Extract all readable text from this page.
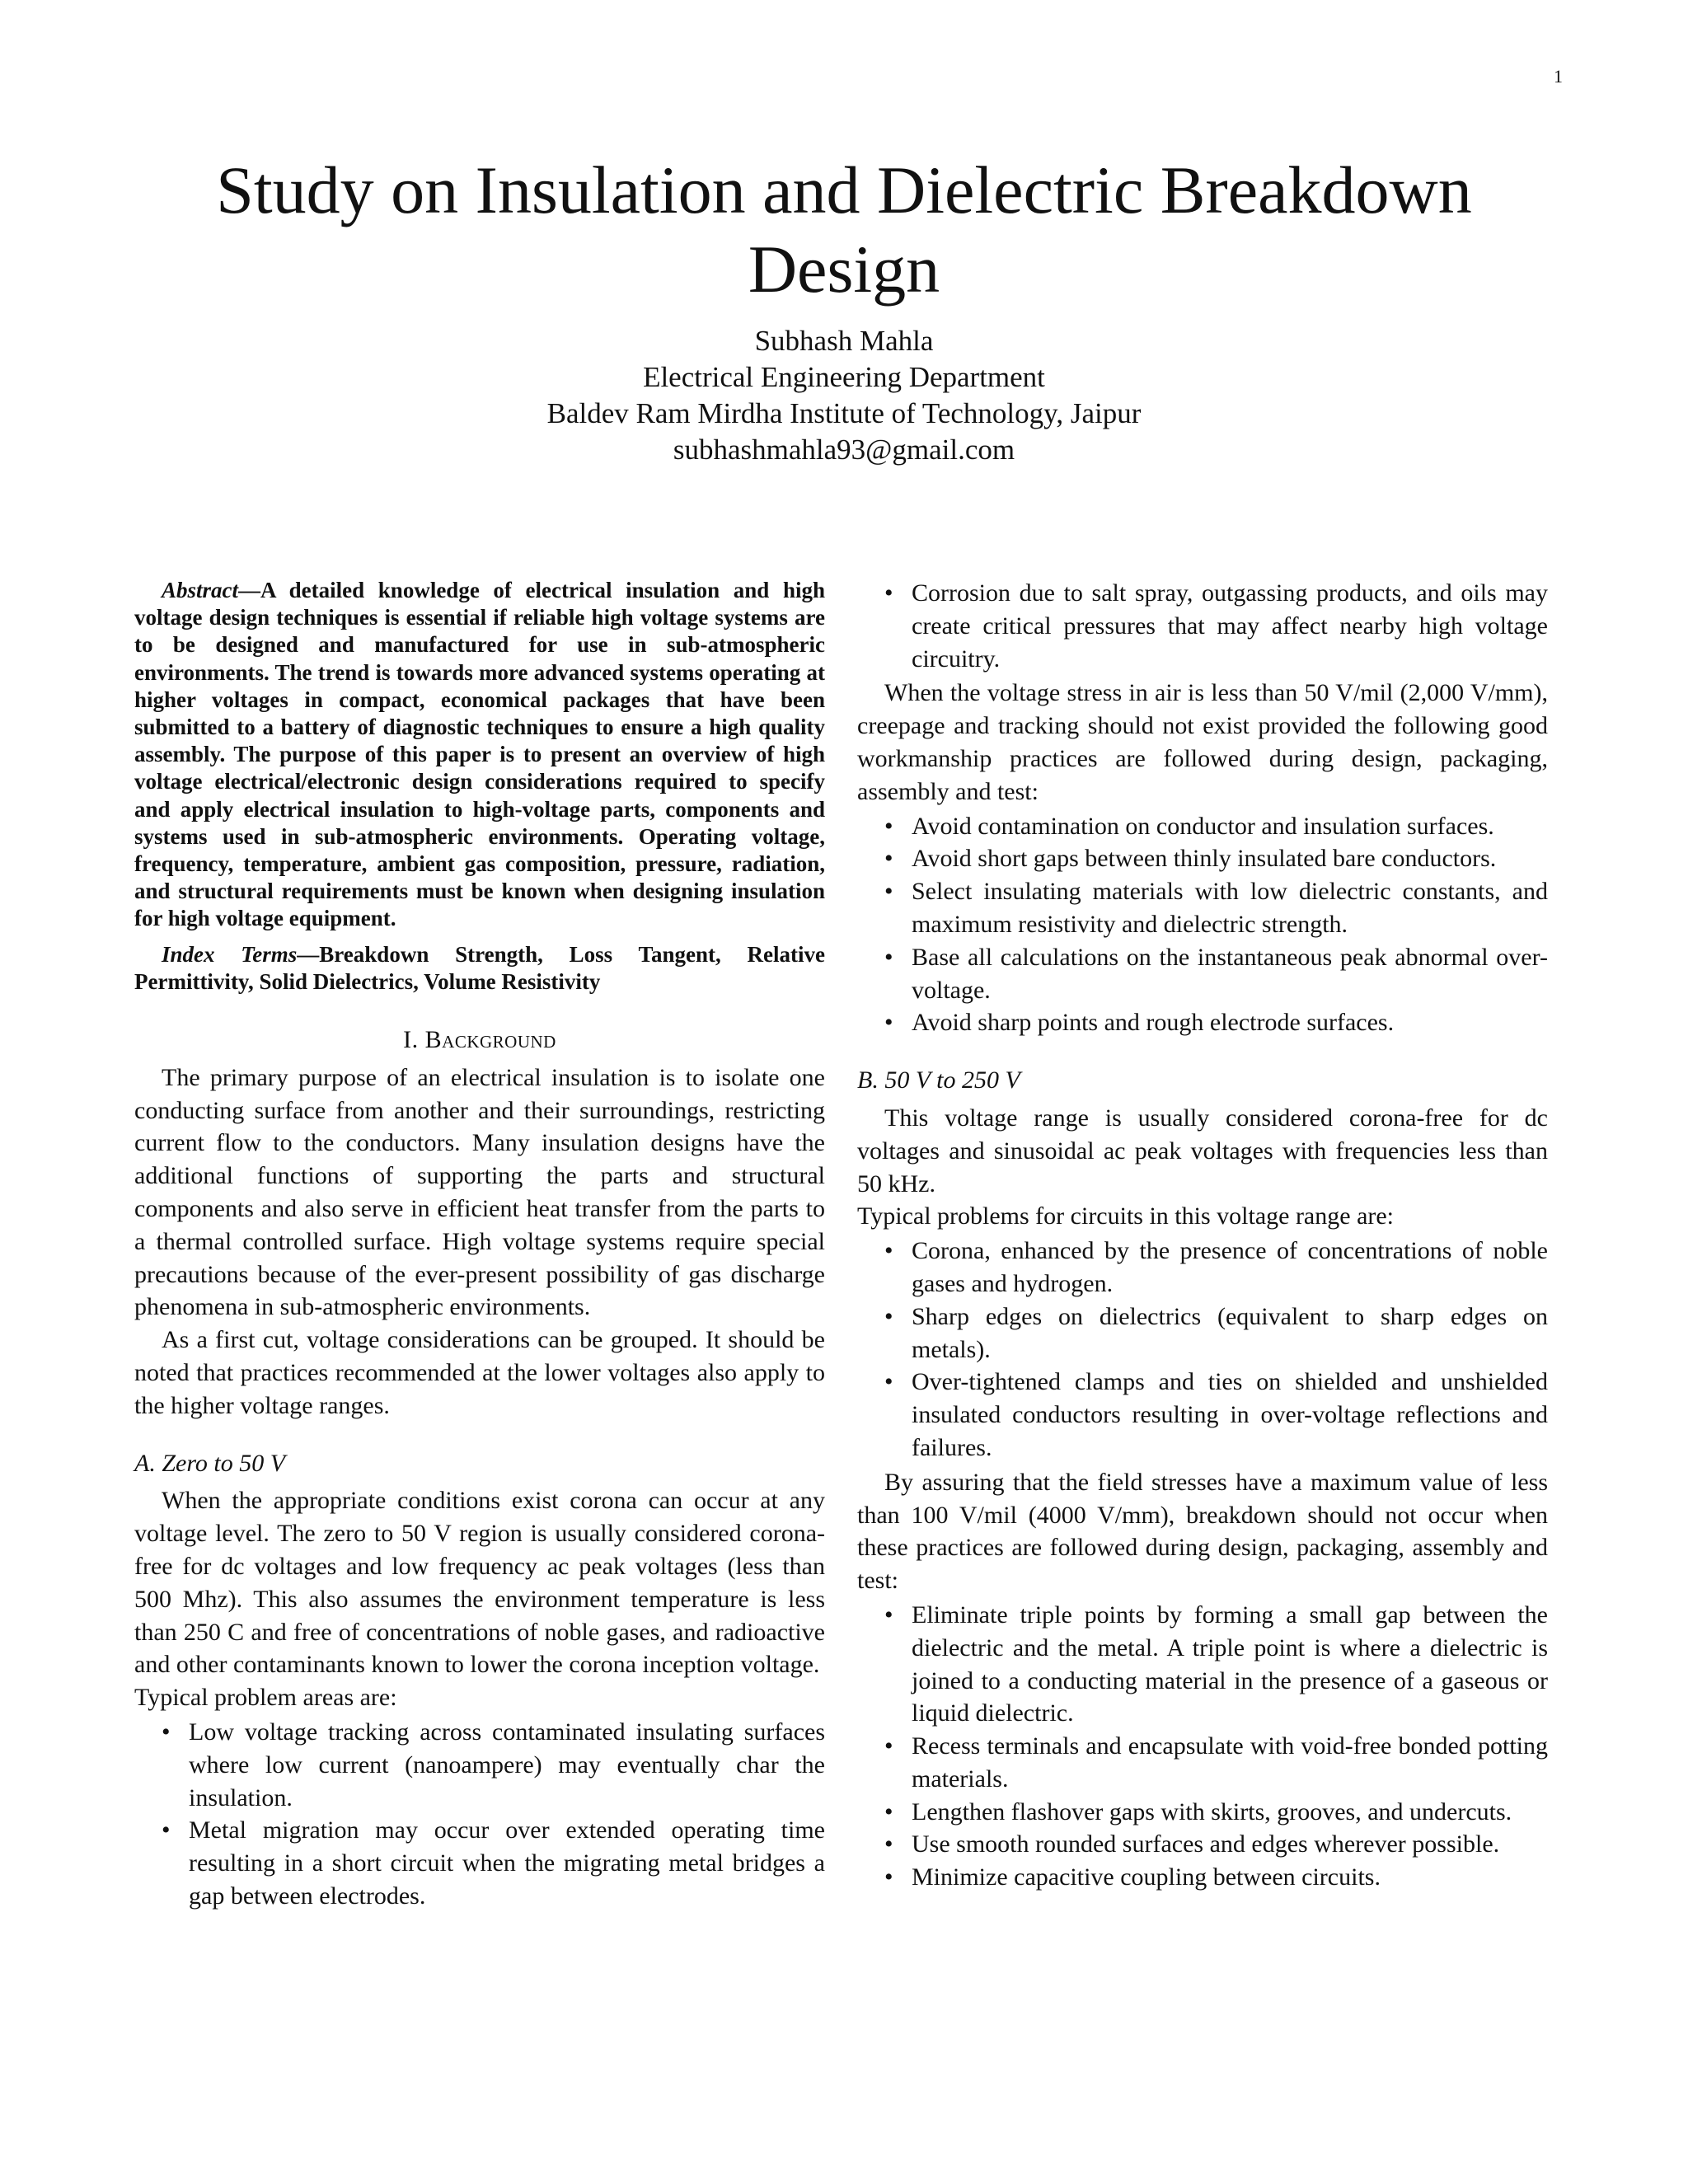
1
Study on Insulation and Dielectric Breakdown Design
Subhash Mahla
Electrical Engineering Department
Baldev Ram Mirdha Institute of Technology, Jaipur
subhashmahla93@gmail.com

Abstract—A detailed knowledge of electrical insulation and high voltage design techniques is essential if reliable high voltage systems are to be designed and manufactured for use in sub-atmospheric environments. The trend is towards more advanced systems operating at higher voltages in compact, economical packages that have been submitted to a battery of diagnostic techniques to ensure a high quality assembly. The purpose of this paper is to present an overview of high voltage electrical/electronic design considerations required to specify and apply electrical insulation to high-voltage parts, components and systems used in sub-atmospheric environments. Operating voltage, frequency, temperature, ambient gas composition, pressure, radiation, and structural requirements must be known when designing insulation for high voltage equipment.

Index Terms—Breakdown Strength, Loss Tangent, Relative Permittivity, Solid Dielectrics, Volume Resistivity

I. Background

The primary purpose of an electrical insulation is to isolate one conducting surface from another and their surroundings, restricting current flow to the conductors. Many insulation designs have the additional functions of supporting the parts and structural components and also serve in efficient heat transfer from the parts to a thermal controlled surface. High voltage systems require special precautions because of the ever-present possibility of gas discharge phenomena in sub-atmospheric environments.

As a first cut, voltage considerations can be grouped. It should be noted that practices recommended at the lower voltages also apply to the higher voltage ranges.

A. Zero to 50 V

When the appropriate conditions exist corona can occur at any voltage level. The zero to 50 V region is usually considered corona-free for dc voltages and low frequency ac peak voltages (less than 500 Mhz). This also assumes the environment temperature is less than 250 C and free of concentrations of noble gases, and radioactive and other contaminants known to lower the corona inception voltage.

Typical problem areas are:

• Low voltage tracking across contaminated insulating surfaces where low current (nanoampere) may eventually char the insulation.
• Metal migration may occur over extended operating time resulting in a short circuit when the migrating metal bridges a gap between electrodes.
• Corrosion due to salt spray, outgassing products, and oils may create critical pressures that may affect nearby high voltage circuitry.

When the voltage stress in air is less than 50 V/mil (2,000 V/mm), creepage and tracking should not exist provided the following good workmanship practices are followed during design, packaging, assembly and test:

• Avoid contamination on conductor and insulation surfaces.
• Avoid short gaps between thinly insulated bare conductors.
• Select insulating materials with low dielectric constants, and maximum resistivity and dielectric strength.
• Base all calculations on the instantaneous peak abnormal over-voltage.
• Avoid sharp points and rough electrode surfaces.
B. 50 V to 250 V

This voltage range is usually considered corona-free for dc voltages and sinusoidal ac peak voltages with frequencies less than 50 kHz.

Typical problems for circuits in this voltage range are:

• Corona, enhanced by the presence of concentrations of noble gases and hydrogen.
• Sharp edges on dielectrics (equivalent to sharp edges on metals).
• Over-tightened clamps and ties on shielded and unshielded insulated conductors resulting in over-voltage reflections and failures.

By assuring that the field stresses have a maximum value of less than 100 V/mil (4000 V/mm), breakdown should not occur when these practices are followed during design, packaging, assembly and test:

• Eliminate triple points by forming a small gap between the dielectric and the metal. A triple point is where a dielectric is joined to a conducting material in the presence of a gaseous or liquid dielectric.
• Recess terminals and encapsulate with void-free bonded potting materials.
• Lengthen flashover gaps with skirts, grooves, and undercuts.
• Use smooth rounded surfaces and edges wherever possible.
• Minimize capacitive coupling between circuits.
